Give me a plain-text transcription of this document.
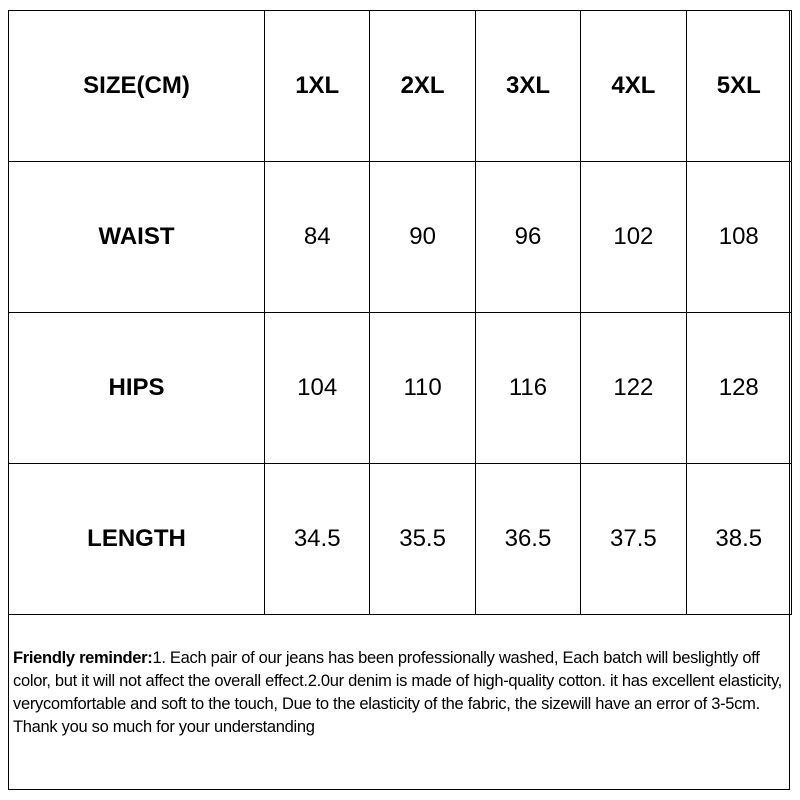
SIZE(CM)	1XL	2XL	3XL	4XL	5XL
WAIST	84	90	96	102	108
HIPS	104	110	116	122	128
LENGTH	34.5	35.5	36.5	37.5	38.5
Friendly reminder:1. Each pair of our jeans has been professionally washed, Each batch will beslightly off color, but it will not affect the overall effect.2.0ur denim is made of high-quality cotton. it has excellent elasticity, verycomfortable and soft to the touch, Due to the elasticity of the fabric, the sizewill have an error of 3-5cm.
Thank you so much for your understanding
